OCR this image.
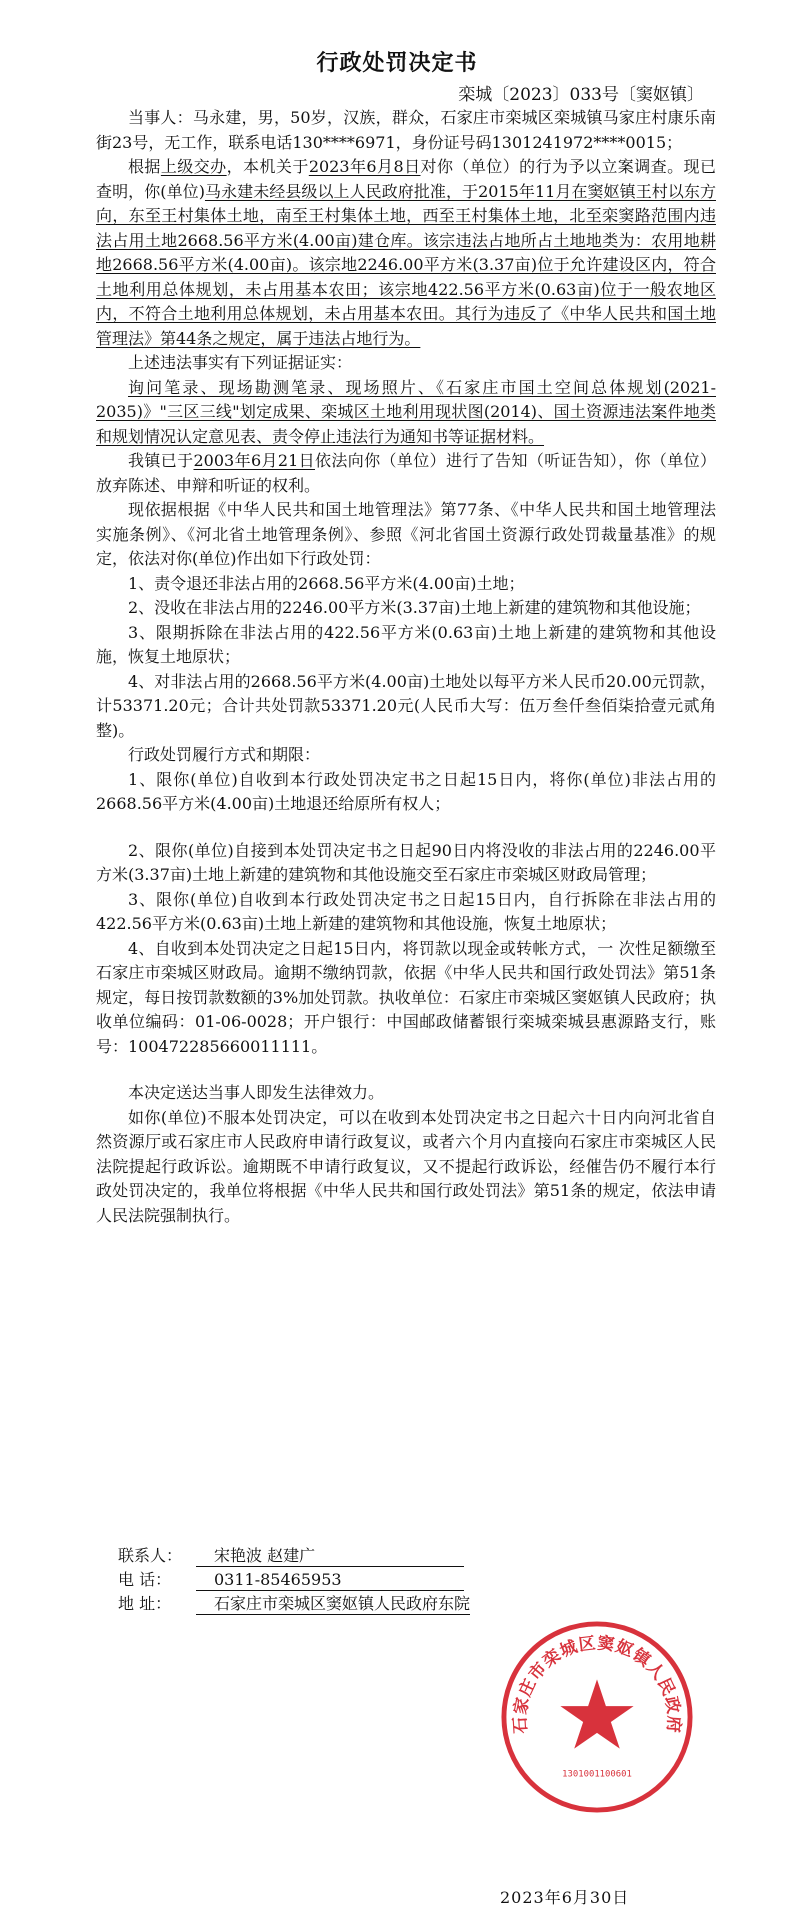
行政处罚决定书
栾城〔2023〕033号〔窦妪镇〕

当事人：马永建，男，50岁，汉族，群众，石家庄市栾城区栾城镇马家庄村康乐南街23号，无工作，联系电话130****6971，身份证号码1301241972****0015；

根据上级交办，本机关于2023年6月8日对你（单位）的行为予以立案调查。现已查明，你(单位)马永建未经县级以上人民政府批准，于2015年11月在窦妪镇王村以东方向，东至王村集体土地，南至王村集体土地，西至王村集体土地，北至栾窦路范围内违法占用土地2668.56平方米(4.00亩)建仓库。该宗违法占地所占土地地类为：农用地耕地2668.56平方米(4.00亩)。该宗地2246.00平方米(3.37亩)位于允许建设区内，符合土地利用总体规划，未占用基本农田；该宗地422.56平方米(0.63亩)位于一般农地区内，不符合土地利用总体规划，未占用基本农田。其行为违反了《中华人民共和国土地管理法》第44条之规定，属于违法占地行为。

上述违法事实有下列证据证实：

询问笔录、现场勘测笔录、现场照片、《石家庄市国土空间总体规划(2021-2035)》"三区三线"划定成果、栾城区土地利用现状图(2014)、国土资源违法案件地类和规划情况认定意见表、责令停止违法行为通知书等证据材料。

我镇已于2003年6月21日依法向你（单位）进行了告知（听证告知），你（单位）放弃陈述、申辩和听证的权利。

现依据根据《中华人民共和国土地管理法》第77条、《中华人民共和国土地管理法实施条例》、《河北省土地管理条例》、参照《河北省国土资源行政处罚裁量基准》的规定，依法对你(单位)作出如下行政处罚：

1、责令退还非法占用的2668.56平方米(4.00亩)土地；

2、没收在非法占用的2246.00平方米(3.37亩)土地上新建的建筑物和其他设施；

3、限期拆除在非法占用的422.56平方米(0.63亩)土地上新建的建筑物和其他设施，恢复土地原状；

4、对非法占用的2668.56平方米(4.00亩)土地处以每平方米人民币20.00元罚款，计53371.20元；合计共处罚款53371.20元(人民币大写：伍万叁仟叁佰柒拾壹元贰角整)。

行政处罚履行方式和期限：

1、限你(单位)自收到本行政处罚决定书之日起15日内，将你(单位)非法占用的2668.56平方米(4.00亩)土地退还给原所有权人；

2、限你(单位)自接到本处罚决定书之日起90日内将没收的非法占用的2246.00平方米(3.37亩)土地上新建的建筑物和其他设施交至石家庄市栾城区财政局管理；

3、限你(单位)自收到本行政处罚决定书之日起15日内，自行拆除在非法占用的422.56平方米(0.63亩)土地上新建的建筑物和其他设施，恢复土地原状；

4、自收到本处罚决定之日起15日内，将罚款以现金或转帐方式，一 次性足额缴至石家庄市栾城区财政局。逾期不缴纳罚款，依据《中华人民共和国行政处罚法》第51条规定，每日按罚款数额的3%加处罚款。执收单位：石家庄市栾城区窦妪镇人民政府；执收单位编码：01-06-0028；开户银行：中国邮政储蓄银行栾城栾城县惠源路支行，账号：100472285660011111。

本决定送达当事人即发生法律效力。

如你(单位)不服本处罚决定，可以在收到本处罚决定书之日起六十日内向河北省自然资源厅或石家庄市人民政府申请行政复议，或者六个月内直接向石家庄市栾城区人民法院提起行政诉讼。逾期既不申请行政复议，又不提起行政诉讼，经催告仍不履行本行政处罚决定的，我单位将根据《中华人民共和国行政处罚法》第51条的规定，依法申请人民法院强制执行。

联系人：	宋艳波 赵建广
电 话：	0311-85465953
地 址：	石家庄市栾城区窦妪镇人民政府东院
石家庄市栾城区窦妪镇人民政府
1301001100601
2023年6月30日
